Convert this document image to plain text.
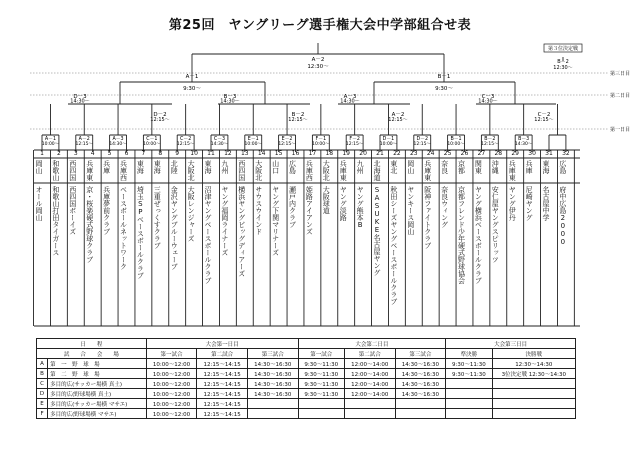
第25回　ヤングリーグ選手権大会中学部組合せ表
第三日目
第二日目
第一日目
A－2
12:30～
A－1
9:30～
B－1
9:30～
D－3
14:30～
D－2
12:15～
B－3
14:30～
B－2
12:15～
A－3
14:30～
A－2
12:15～
C－3
14:30～
C－2
12:15～
A－1
10:00～
A－2
12:15～
A－3
14:30～
C－1
10:00～
C－2
12:15～
C－3
14:30～
E－1
10:00～
E－2
12:15～
F－1
10:00～
F－2
12:15～
D－1
10:00～
D－2
12:15～
B－1
10:00～
B－2
12:15～
B－3
14:30～
第３位決定戦
B－2
12:30～
1
岡山
オール岡山
2
和歌山
和歌山打田タイガース
3
西四国
西四国ボーイズ
4
兵庫東
京・桜楽硬式野球クラブ
5
兵庫
兵庫夢前クラブ
6
兵庫西
ベースボールネットワーク
7
東海
埼玉SPベースボールクラブ
8
東海
三重ぜっくすクラブ
9
北陸
金沢ヤングブルーウェーブ
10
大阪北
大阪レンジャーズ
11
東海
沼津ヤングベースボールクラブ
12
九州
ヤング福岡ライナーズ
13
西四国
横浜ヤングビッグディアーズ
14
大阪北
サウスウインド
15
山口
ヤング下関マリナーズ
16
広島
瀬戸内クラブ
17
兵庫西
姫路アイアンズ
18
大阪北
大阪球道
19
兵庫東
ヤング淡路
20
九州
ヤング熊本B
21
北海道
SASUKE名古屋ヤング
22
東北
秋田シーズヤングベースボールクラブ
23
岡山
ヤンキース岡山
24
兵庫東
阪神ファイトクラブ
25
奈良
奈良ウィング
26
京都
京都フレンド少年硬式野球協会
27
関東
ヤング横浜ベースボールクラブ
28
沖縄
安仁屋ヤングスピリッツ
29
兵庫東
ヤング伊丹
30
兵庫
尼崎ヤング
31
東海
名古屋中学
32
広島
府中広島2000
日　　程		大会第一日目			大会第二日目			大会第三日目	
試　　合　　会　　場		第一試合	第二試合	第三試合	第一試合	第二試合	第三試合	準決勝	決勝戦
A	第　一　野　球　場	10:00～12:00	12:15～14:15	14:30～16:30	9:30～11:30	12:00～14:00	14:30～16:30	9:30～11:30	12:30～14:30
B	第　二　野　球　場	10:00～12:00	12:15～14:15	14:30～16:30	9:30～11:30	12:00～14:00	14:30～16:30	9:30～11:30	3位決定戦 12:30～14:30
C	多目的広(サッカー場横 真土)	10:00～12:00	12:15～14:15	14:30～16:30	9:30～11:30	12:00～14:00	14:30～16:30		
D	多目的広(野球場横 真土)	10:00～12:00	12:15～14:15	14:30～16:30	9:30～11:30	12:00～14:00	14:30～16:30		
E	多目的広(サッカー場横 マサエ)	10:00～12:00	12:15～14:15						
F	多目的広(野球場横 マサエ)	10:00～12:00	12:15～14:15						
